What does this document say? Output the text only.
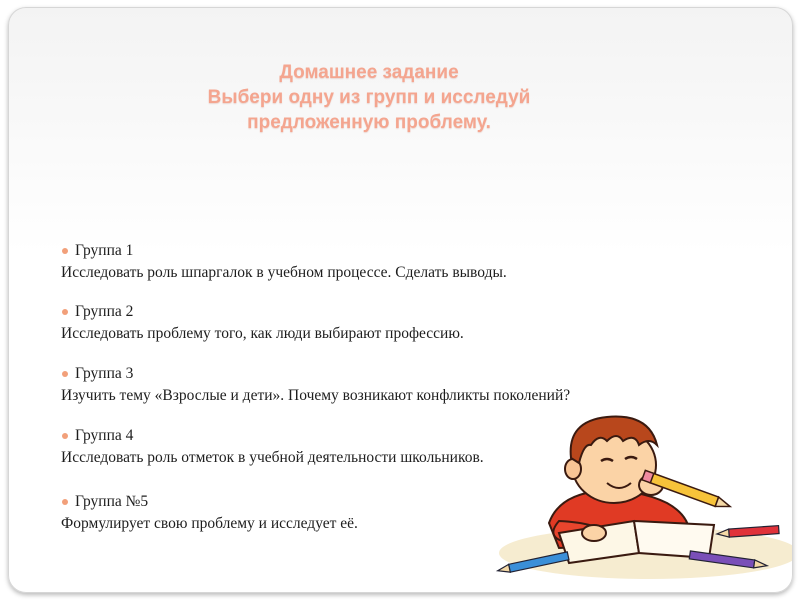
Домашнее задание
Выбери одну из групп и исследуй
предложенную проблему.
Группа 1
Исследовать роль шпаргалок в учебном процессе. Сделать выводы.
Группа 2
Исследовать проблему того, как люди выбирают профессию.
Группа 3
Изучить тему «Взрослые и дети». Почему возникают конфликты поколений?
Группа 4
Исследовать роль отметок в учебной деятельности школьников.
Группа №5
Формулирует свою проблему и исследует её.
